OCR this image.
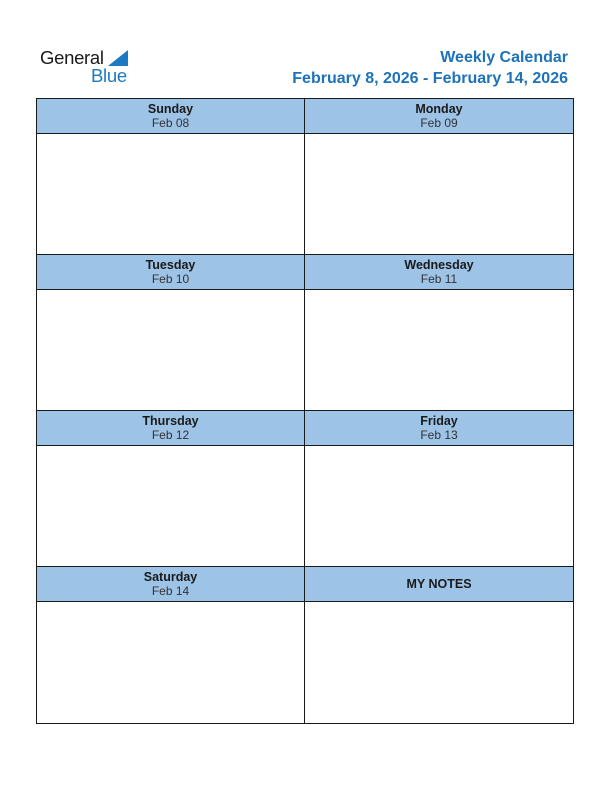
General
Blue
Weekly Calendar
February 8, 2026 - February 14, 2026
Sunday
Feb 08
Monday
Feb 09
Tuesday
Feb 10
Wednesday
Feb 11
Thursday
Feb 12
Friday
Feb 13
Saturday
Feb 14	MY NOTES
